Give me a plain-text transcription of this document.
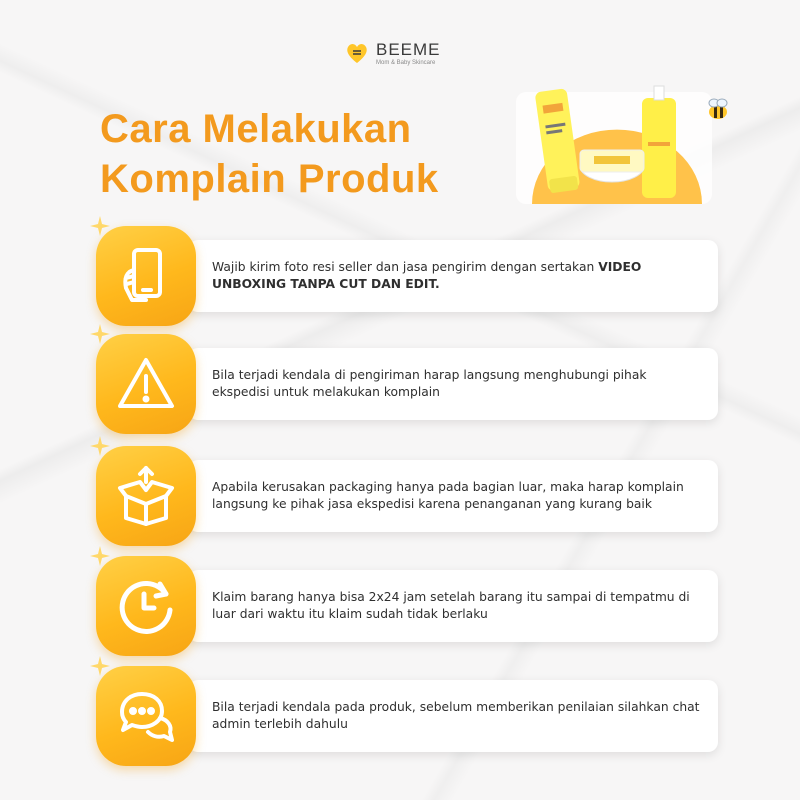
BEEME
Mom & Baby Skincare
Cara Melakukan
Komplain Produk

Wajib kirim foto resi seller dan jasa pengirim dengan sertakan VIDEO UNBOXING TANPA CUT DAN EDIT.

Bila terjadi kendala di pengiriman harap langsung menghubungi pihak ekspedisi untuk melakukan komplain

Apabila kerusakan packaging hanya pada bagian luar, maka harap komplain langsung ke pihak jasa ekspedisi karena penanganan yang kurang baik

Klaim barang hanya bisa 2x24 jam setelah barang itu sampai di tempatmu di luar dari waktu itu klaim sudah tidak berlaku

Bila terjadi kendala pada produk, sebelum memberikan penilaian silahkan chat admin terlebih dahulu
